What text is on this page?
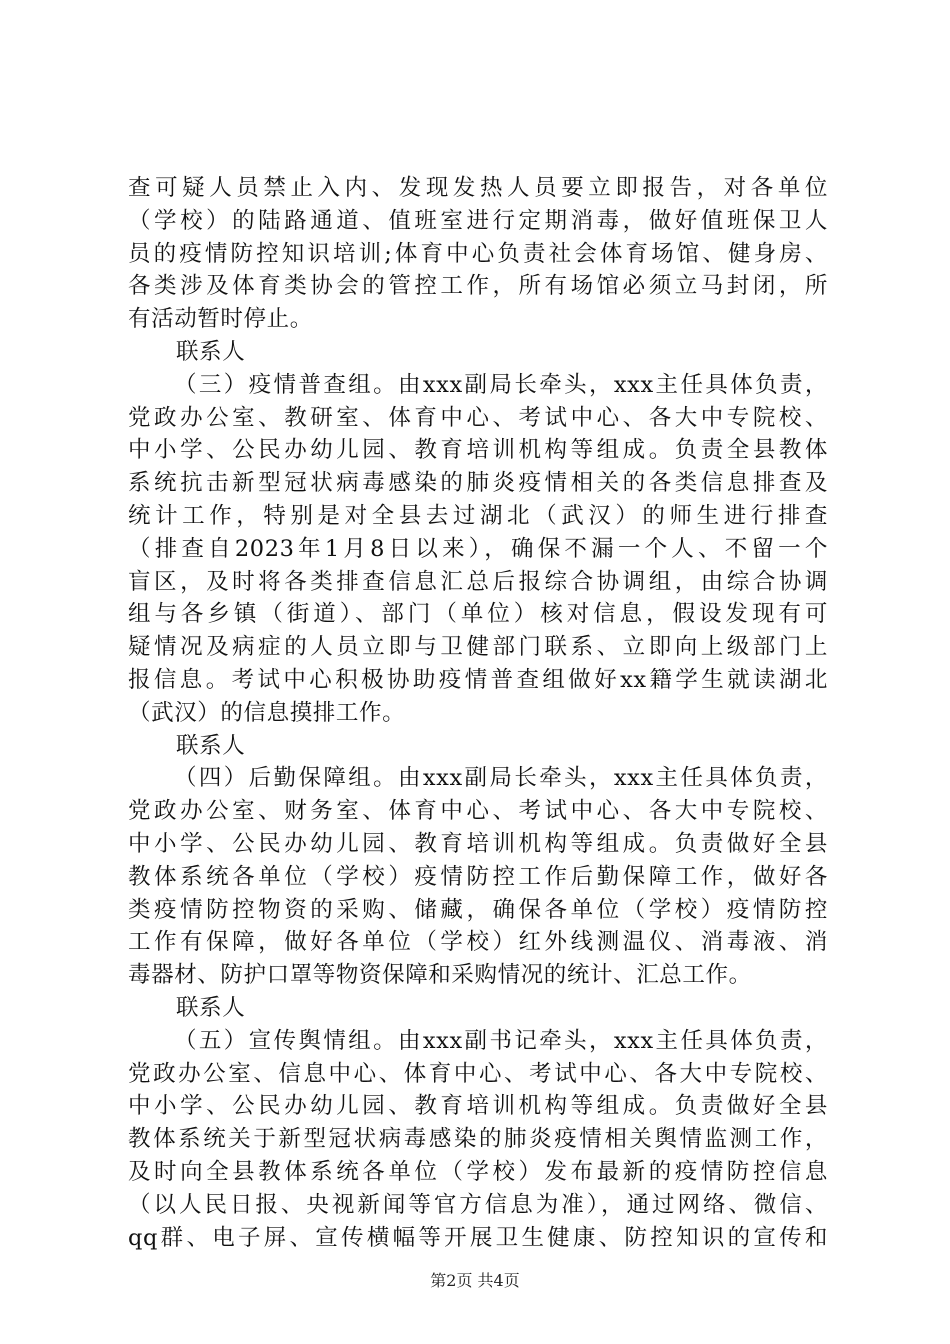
查可疑人员禁止入内、发现发热人员要立即报告，对各单位
（学校）的陆路通道、值班室进行定期消毒，做好值班保卫人
员的疫情防控知识培训;体育中心负责社会体育场馆、健身房、
各类涉及体育类协会的管控工作，所有场馆必须立马封闭，所
有活动暂时停止。
联系人
（三）疫情普查组。由xxx副局长牵头，xxx主任具体负责，
党政办公室、教研室、体育中心、考试中心、各大中专院校、
中小学、公民办幼儿园、教育培训机构等组成。负责全县教体
系统抗击新型冠状病毒感染的肺炎疫情相关的各类信息排查及
统计工作，特别是对全县去过湖北（武汉）的师生进行排查
（排查自2023年1月8日以来），确保不漏一个人、不留一个
盲区，及时将各类排查信息汇总后报综合协调组，由综合协调
组与各乡镇（街道）、部门（单位）核对信息，假设发现有可
疑情况及病症的人员立即与卫健部门联系、立即向上级部门上
报信息。考试中心积极协助疫情普查组做好xx籍学生就读湖北
（武汉）的信息摸排工作。
联系人
（四）后勤保障组。由xxx副局长牵头，xxx主任具体负责，
党政办公室、财务室、体育中心、考试中心、各大中专院校、
中小学、公民办幼儿园、教育培训机构等组成。负责做好全县
教体系统各单位（学校）疫情防控工作后勤保障工作，做好各
类疫情防控物资的采购、储藏，确保各单位（学校）疫情防控
工作有保障，做好各单位（学校）红外线测温仪、消毒液、消
毒器材、防护口罩等物资保障和采购情况的统计、汇总工作。
联系人
（五）宣传舆情组。由xxx副书记牵头，xxx主任具体负责，
党政办公室、信息中心、体育中心、考试中心、各大中专院校、
中小学、公民办幼儿园、教育培训机构等组成。负责做好全县
教体系统关于新型冠状病毒感染的肺炎疫情相关舆情监测工作，
及时向全县教体系统各单位（学校）发布最新的疫情防控信息
（以人民日报、央视新闻等官方信息为准），通过网络、微信、
qq群、电子屏、宣传横幅等开展卫生健康、防控知识的宣传和
第2页 共4页
